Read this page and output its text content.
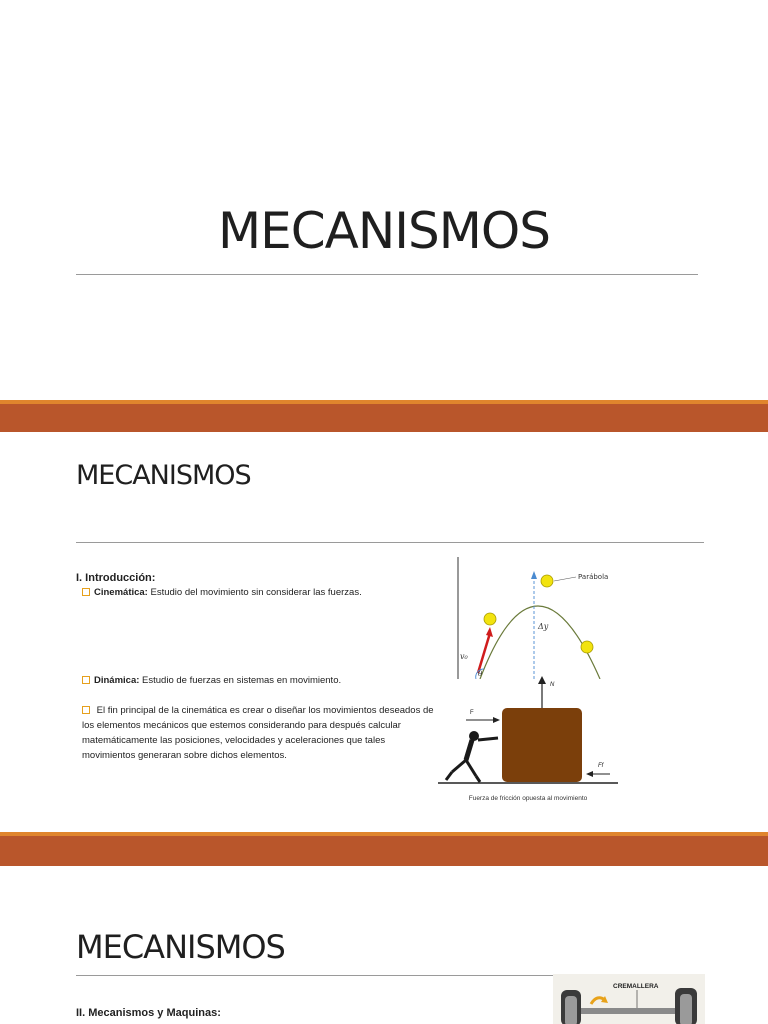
MECANISMOS
MECANISMOS
I. Introducción:
Cinemática: Estudio del movimiento sin considerar las fuerzas.
Dinámica: Estudio de fuerzas en sistemas en movimiento.
El fin principal de la cinemática es crear o diseñar los movimientos deseados de los elementos mecánicos que estemos considerando para después calcular matemáticamente las posiciones, velocidades y aceleraciones que tales movimientos generaran sobre dichos elementos.
Parábola
Δy
v₀
θ
N
F
Ff
Fuerza de fricción opuesta al movimiento
MECANISMOS
II. Mecanismos y Maquinas:
CREMALLERA
